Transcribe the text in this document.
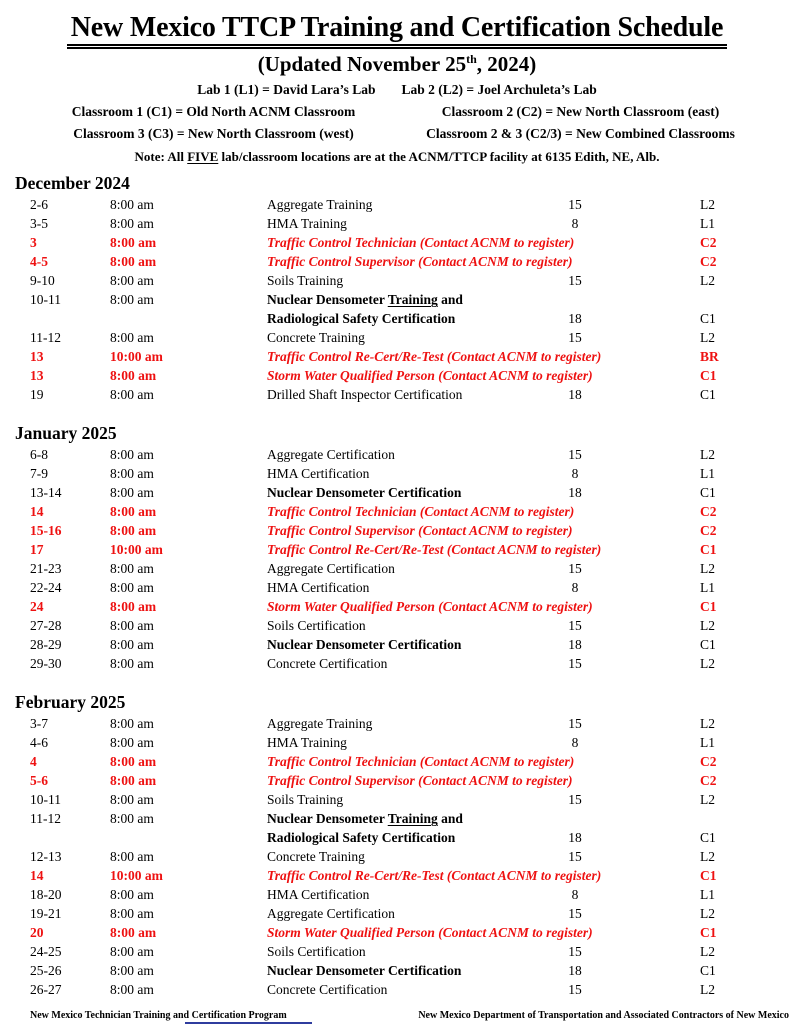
New Mexico TTCP Training and Certification Schedule
(Updated November 25th, 2024)
Lab 1 (L1) = David Lara’s Lab Lab 2 (L2) = Joel Archuleta’s Lab
Classroom 1 (C1) = Old North ACNM Classroom	Classroom 2 (C2) = New North Classroom (east)
Classroom 3 (C3) = New North Classroom (west)	Classroom 2 & 3 (C2/3) = New Combined Classrooms
Note: All FIVE lab/classroom locations are at the ACNM/TTCP facility at 6135 Edith, NE, Alb.
December 2024
2-6	8:00 am	Aggregate Training	15	L2
3-5	8:00 am	HMA Training	8	L1
3	8:00 am	Traffic Control Technician (Contact ACNM to register)	C2
4-5	8:00 am	Traffic Control Supervisor (Contact ACNM to register)	C2
9-10	8:00 am	Soils Training	15	L2
10-11	8:00 am	Nuclear Densometer Training and
Radiological Safety Certification	18	C1
11-12	8:00 am	Concrete Training	15	L2
13	10:00 am	Traffic Control Re-Cert/Re-Test (Contact ACNM to register)	BR
13	8:00 am	Storm Water Qualified Person (Contact ACNM to register)	C1
19	8:00 am	Drilled Shaft Inspector Certification	18	C1
January 2025
6-8	8:00 am	Aggregate Certification	15	L2
7-9	8:00 am	HMA Certification	8	L1
13-14	8:00 am	Nuclear Densometer Certification	18	C1
14	8:00 am	Traffic Control Technician (Contact ACNM to register)	C2
15-16	8:00 am	Traffic Control Supervisor (Contact ACNM to register)	C2
17	10:00 am	Traffic Control Re-Cert/Re-Test (Contact ACNM to register)	C1
21-23	8:00 am	Aggregate Certification	15	L2
22-24	8:00 am	HMA Certification	8	L1
24	8:00 am	Storm Water Qualified Person (Contact ACNM to register)	C1
27-28	8:00 am	Soils Certification	15	L2
28-29	8:00 am	Nuclear Densometer Certification	18	C1
29-30	8:00 am	Concrete Certification	15	L2
February 2025
3-7	8:00 am	Aggregate Training	15	L2
4-6	8:00 am	HMA Training	8	L1
4	8:00 am	Traffic Control Technician (Contact ACNM to register)	C2
5-6	8:00 am	Traffic Control Supervisor (Contact ACNM to register)	C2
10-11	8:00 am	Soils Training	15	L2
11-12	8:00 am	Nuclear Densometer Training and
Radiological Safety Certification	18	C1
12-13	8:00 am	Concrete Training	15	L2
14	10:00 am	Traffic Control Re-Cert/Re-Test (Contact ACNM to register)	C1
18-20	8:00 am	HMA Certification	8	L1
19-21	8:00 am	Aggregate Certification	15	L2
20	8:00 am	Storm Water Qualified Person (Contact ACNM to register)	C1
24-25	8:00 am	Soils Certification	15	L2
25-26	8:00 am	Nuclear Densometer Certification	18	C1
26-27	8:00 am	Concrete Certification	15	L2
New Mexico Technician Training and Certification Program	New Mexico Department of Transportation and Associated Contractors of New Mexico
